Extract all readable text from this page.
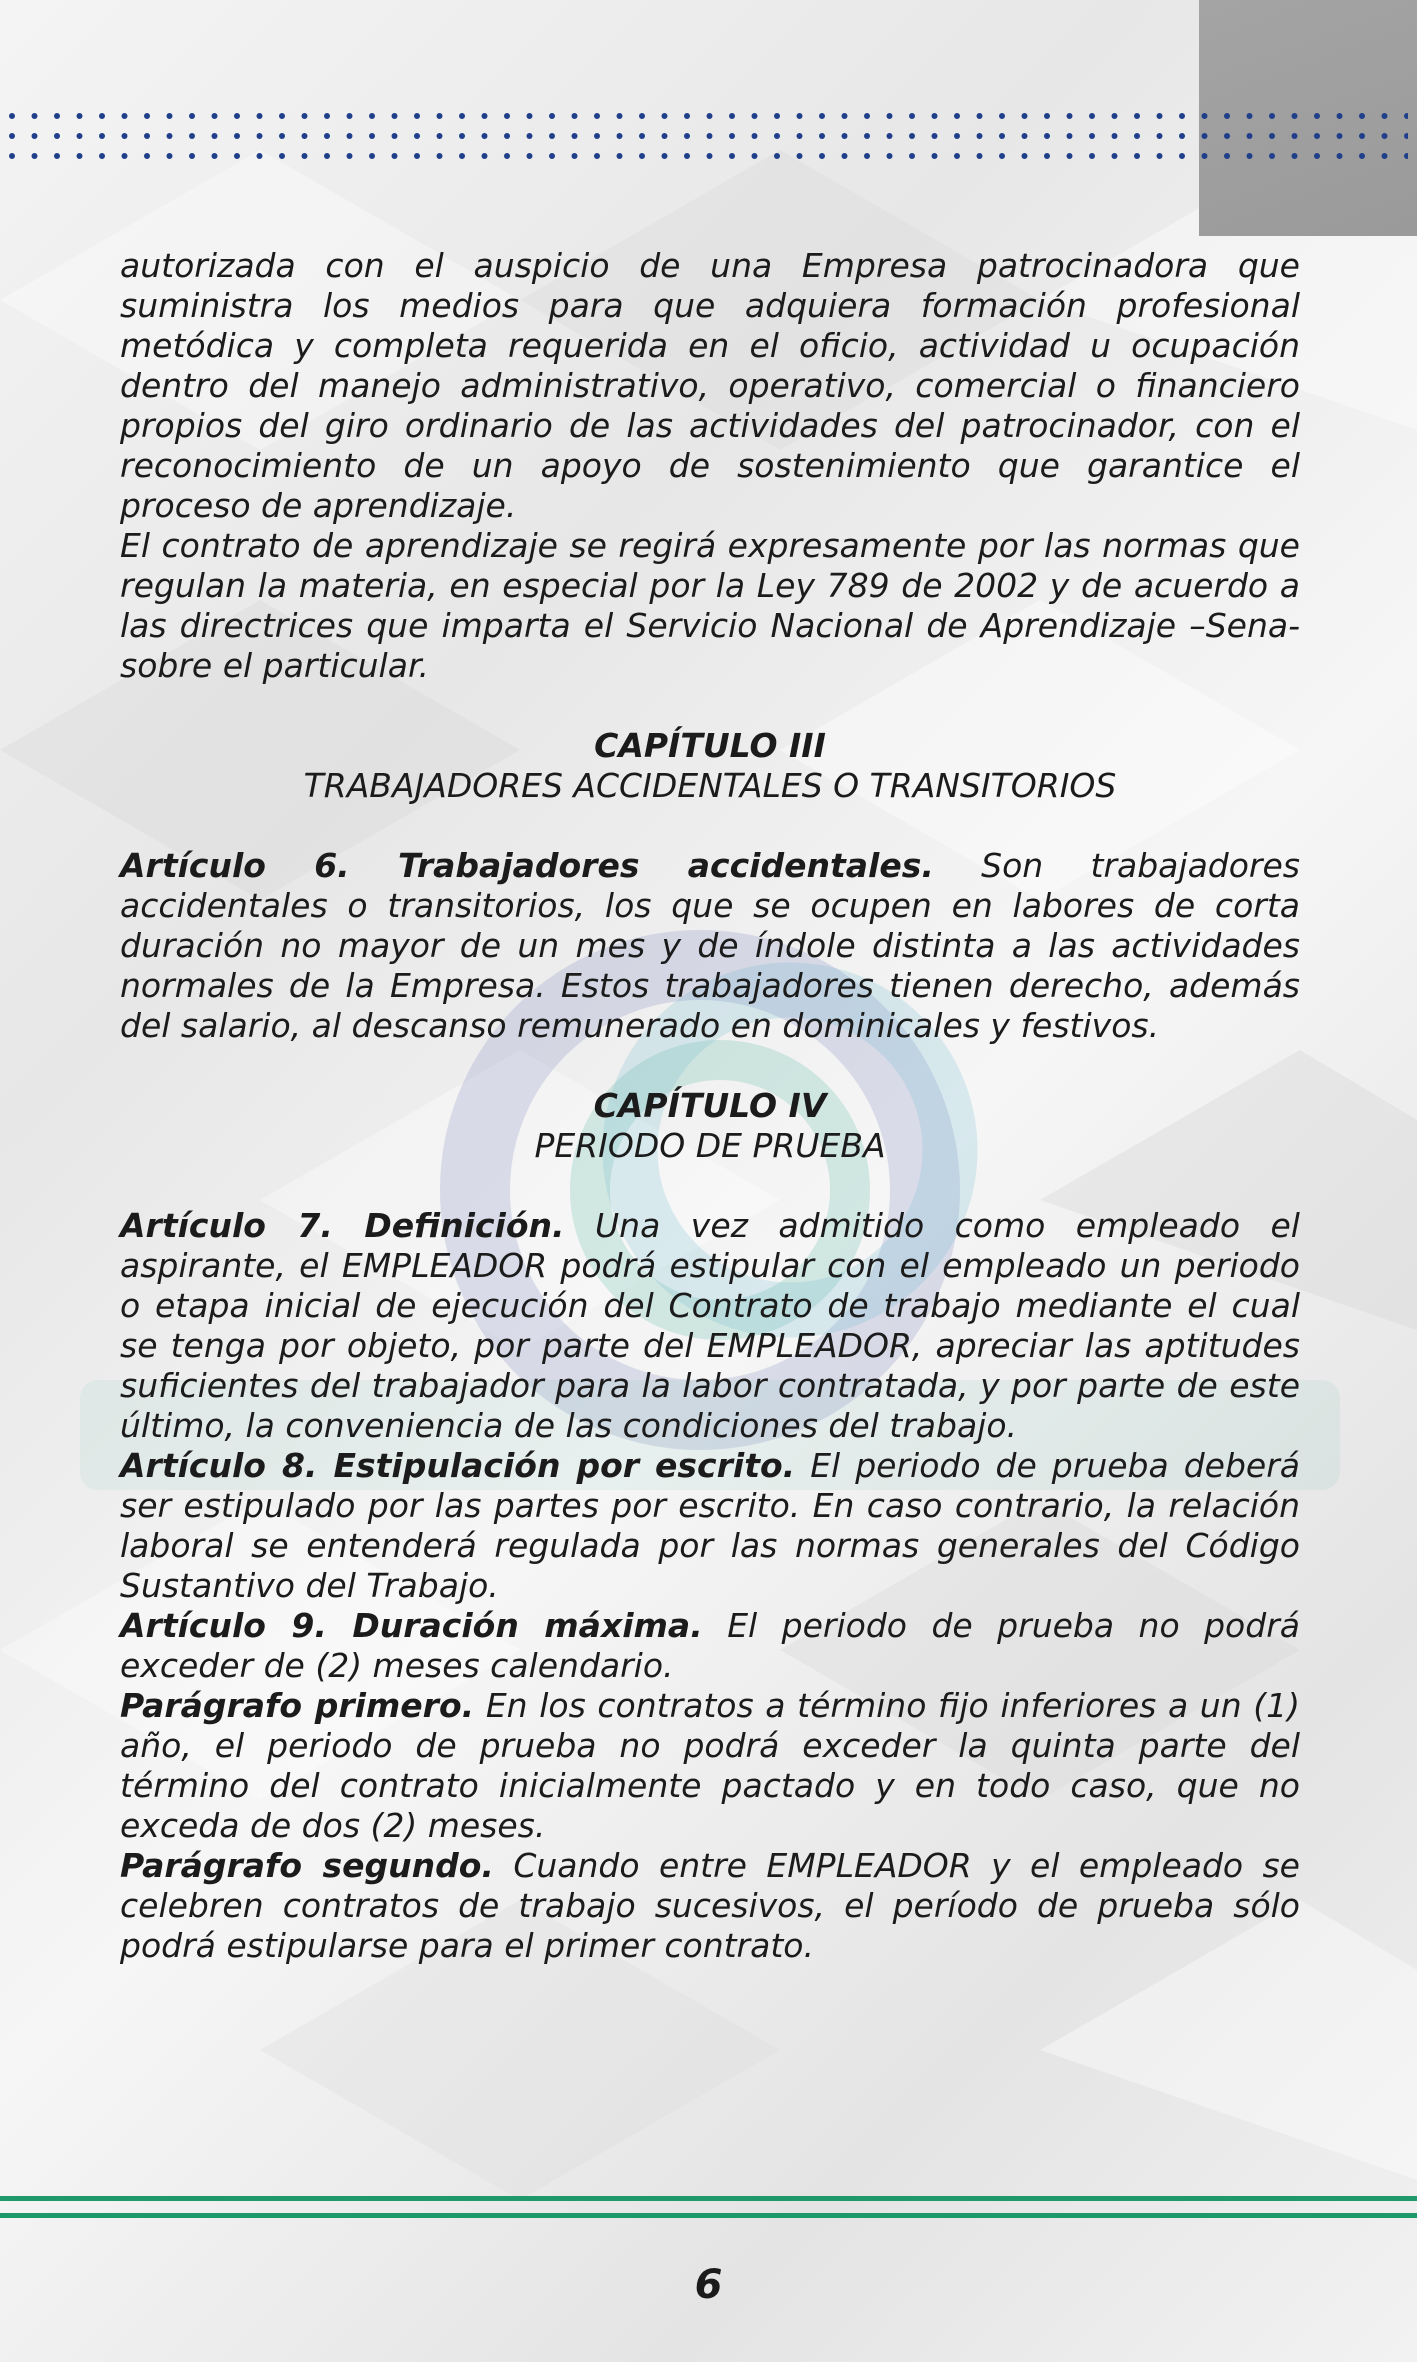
autorizada con el auspicio de una Empresa patrocinadora que suministra los medios para que adquiera formación profesional metódica y completa requerida en el oficio, actividad u ocupación dentro del manejo administrativo, operativo, comercial o financiero propios del giro ordinario de las actividades del patrocinador, con el reconocimiento de un apoyo de sostenimiento que garantice el proceso de aprendizaje.

El contrato de aprendizaje se regirá expresamente por las normas que regulan la materia, en especial por la Ley 789 de 2002 y de acuerdo a las directrices que imparta el Servicio Nacional de Aprendizaje –Sena- sobre el particular.

CAPÍTULO III
TRABAJADORES ACCIDENTALES O TRANSITORIOS

Artículo 6. Trabajadores accidentales. Son trabajadores accidentales o transitorios, los que se ocupen en labores de corta duración no mayor de un mes y de índole distinta a las actividades normales de la Empresa. Estos trabajadores tienen derecho, además del salario, al descanso remunerado en dominicales y festivos.

CAPÍTULO IV
PERIODO DE PRUEBA

Artículo 7. Definición. Una vez admitido como empleado el aspirante, el EMPLEADOR podrá estipular con el empleado un periodo o etapa inicial de ejecución del Contrato de trabajo mediante el cual se tenga por objeto, por parte del EMPLEADOR, apreciar las aptitudes suficientes del trabajador para la labor contratada, y por parte de este último, la conveniencia de las condiciones del trabajo.

Artículo 8. Estipulación por escrito. El periodo de prueba deberá ser estipulado por las partes por escrito. En caso contrario, la relación laboral se entenderá regulada por las normas generales del Código Sustantivo del Trabajo.

Artículo 9. Duración máxima. El periodo de prueba no podrá exceder de (2) meses calendario.

Parágrafo primero. En los contratos a término fijo inferiores a un (1) año, el periodo de prueba no podrá exceder la quinta parte del término del contrato inicialmente pactado y en todo caso, que no exceda de dos (2) meses.

Parágrafo segundo. Cuando entre EMPLEADOR y el empleado se celebren contratos de trabajo sucesivos, el período de prueba sólo podrá estipularse para el primer contrato.

6
